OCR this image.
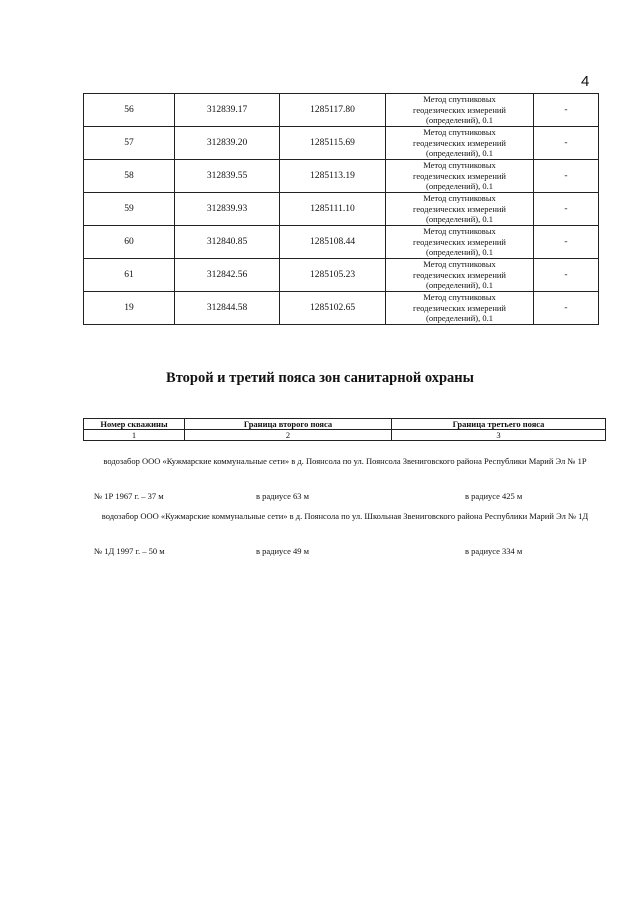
4
56	312839.17	1285117.80	Метод спутниковых
геодезических измерений
(определений), 0.1	-
57	312839.20	1285115.69	Метод спутниковых
геодезических измерений
(определений), 0.1	-
58	312839.55	1285113.19	Метод спутниковых
геодезических измерений
(определений), 0.1	-
59	312839.93	1285111.10	Метод спутниковых
геодезических измерений
(определений), 0.1	-
60	312840.85	1285108.44	Метод спутниковых
геодезических измерений
(определений), 0.1	-
61	312842.56	1285105.23	Метод спутниковых
геодезических измерений
(определений), 0.1	-
19	312844.58	1285102.65	Метод спутниковых
геодезических измерений
(определений), 0.1	-
Второй и третий пояса зон санитарной охраны
Номер скважины	Граница второго пояса	Граница третьего пояса
1	2	3
водозабор ООО «Кужмарские коммунальные сети» в д. Поянсола по ул. Поянсола Звениговского района Республики Марий Эл № 1Р
№ 1Р 1967 г. – 37 м	в радиусе 63 м	в радиусе 425 м
водозабор ООО «Кужмарские коммунальные сети» в д. Поянсола по ул. Школьная Звениговского района Республики Марий Эл № 1Д
№ 1Д 1997 г. – 50 м	в радиусе 49 м	в радиусе 334 м
